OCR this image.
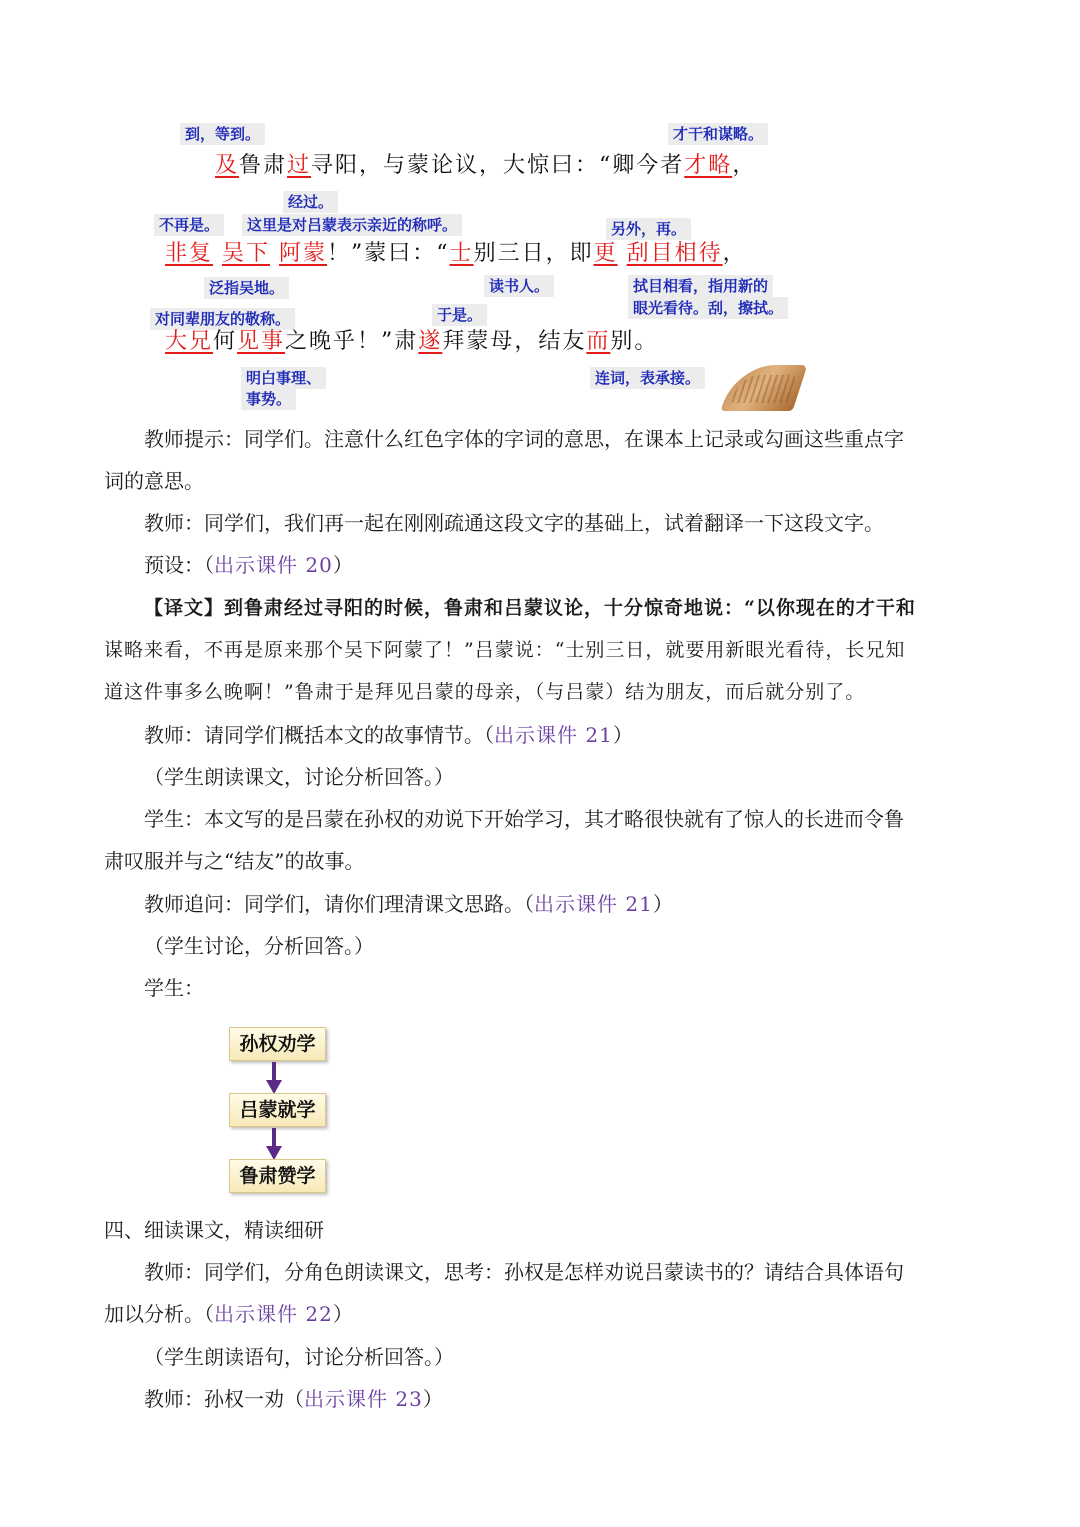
到，等到。	才干和谋略。
及鲁肃过寻阳，与蒙论议，大惊曰：“卿今者才略，
经过。
不再是。	这里是对吕蒙表示亲近的称呼。	另外，再。
非复 吴下 阿蒙！”蒙曰：“士别三日，即更 刮目相待，
泛指吴地。	读书人。	拭目相看，指用新的
眼光看待。刮，擦拭。
于是。
对同辈朋友的敬称。
大兄何见事之晚乎！”肃遂拜蒙母，结友而别。
明白事理、
事势。
连词，表承接。
教师提示：同学们。注意什么红色字体的字词的意思，在课本上记录或勾画这些重点字
词的意思。
教师：同学们，我们再一起在刚刚疏通这段文字的基础上，试着翻译一下这段文字。
预设：（出示课件 20）
【译文】到鲁肃经过寻阳的时候，鲁肃和吕蒙议论，十分惊奇地说：“以你现在的才干和
谋略来看，不再是原来那个吴下阿蒙了！”吕蒙说：“士别三日，就要用新眼光看待，长兄知
道这件事多么晚啊！”鲁肃于是拜见吕蒙的母亲，（与吕蒙）结为朋友，而后就分别了。
教师：请同学们概括本文的故事情节。（出示课件 21）
（学生朗读课文，讨论分析回答。）
学生：本文写的是吕蒙在孙权的劝说下开始学习，其才略很快就有了惊人的长进而令鲁
肃叹服并与之“结友”的故事。
教师追问：同学们，请你们理清课文思路。（出示课件 21）
（学生讨论，分析回答。）
学生：
孙权劝学
吕蒙就学
鲁肃赞学
四、细读课文，精读细研
教师：同学们，分角色朗读课文，思考：孙权是怎样劝说吕蒙读书的？请结合具体语句
加以分析。（出示课件 22）
（学生朗读语句，讨论分析回答。）
教师：孙权一劝（出示课件 23）
